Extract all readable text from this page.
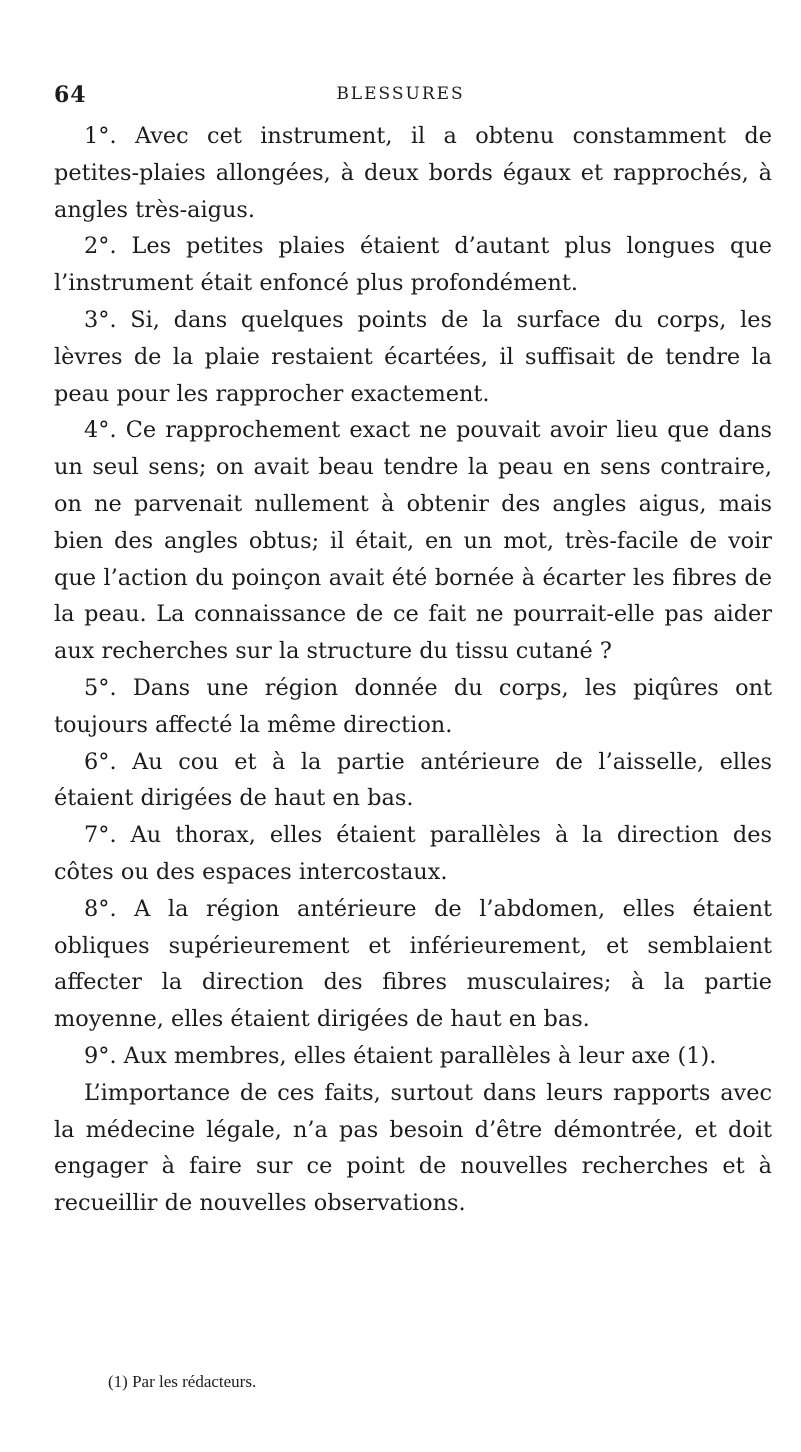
64	BLESSURES

1°. Avec cet instrument, il a obtenu constamment de petites-plaies allongées, à deux bords égaux et rapprochés, à angles très-aigus.

2°. Les petites plaies étaient d’autant plus longues que l’instrument était enfoncé plus profondément.

3°. Si, dans quelques points de la surface du corps, les lèvres de la plaie restaient écartées, il suffisait de tendre la peau pour les rapprocher exactement.

4°. Ce rapprochement exact ne pouvait avoir lieu que dans un seul sens; on avait beau tendre la peau en sens contraire, on ne parvenait nullement à obtenir des angles aigus, mais bien des angles obtus; il était, en un mot, très-facile de voir que l’action du poinçon avait été bornée à écarter les fibres de la peau. La connaissance de ce fait ne pourrait-elle pas aider aux recherches sur la structure du tissu cutané ?

5°. Dans une région donnée du corps, les piqûres ont toujours affecté la même direction.

6°. Au cou et à la partie antérieure de l’aisselle, elles étaient dirigées de haut en bas.

7°. Au thorax, elles étaient parallèles à la direction des côtes ou des espaces intercostaux.

8°. A la région antérieure de l’abdomen, elles étaient obliques supérieurement et inférieurement, et semblaient affecter la direction des fibres musculaires; à la partie moyenne, elles étaient dirigées de haut en bas.

9°. Aux membres, elles étaient parallèles à leur axe (1).

L’importance de ces faits, surtout dans leurs rapports avec la médecine légale, n’a pas besoin d’être démontrée, et doit engager à faire sur ce point de nouvelles recherches et à recueillir de nouvelles observations.

(1) Par les rédacteurs.
